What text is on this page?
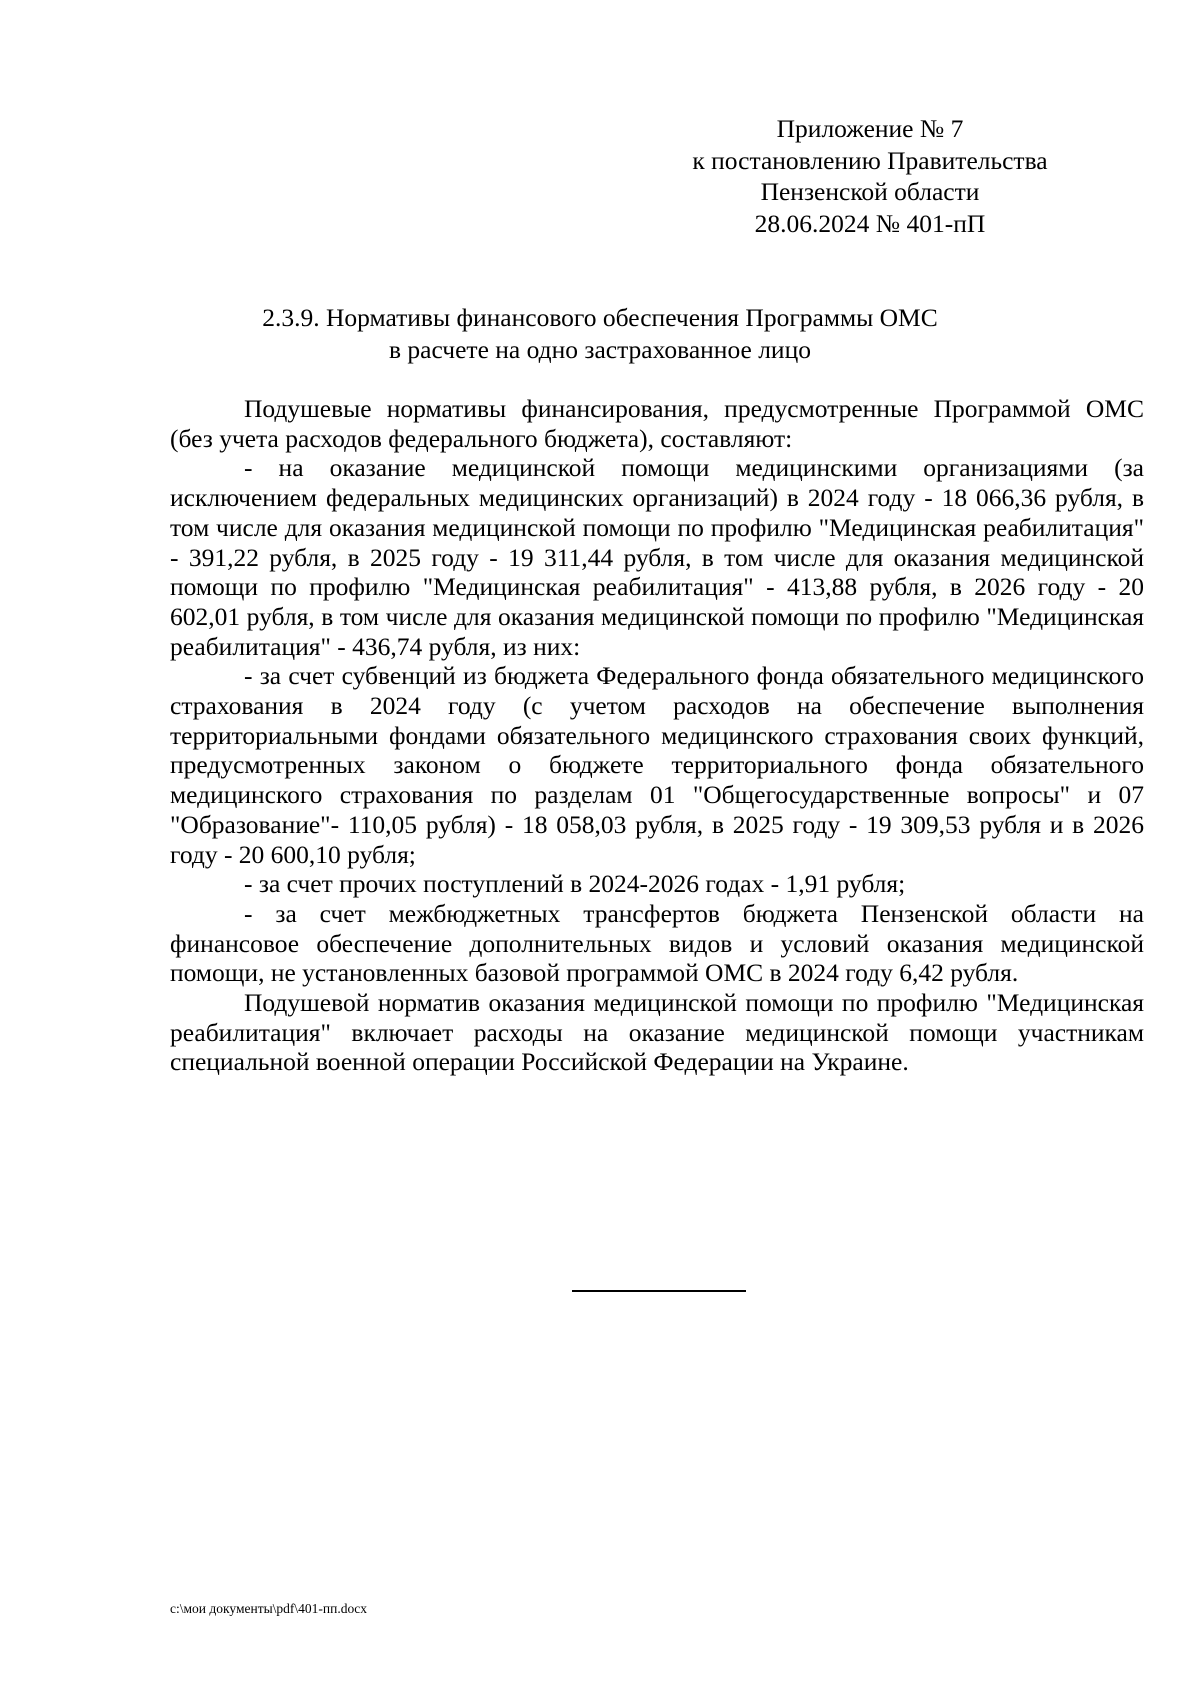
Приложение № 7
к постановлению Правительства
Пензенской области
28.06.2024 № 401-пП
2.3.9. Нормативы финансового обеспечения Программы ОМС
в расчете на одно застрахованное лицо

Подушевые нормативы финансирования, предусмотренные Программой ОМС (без учета расходов федерального бюджета), составляют:

- на оказание медицинской помощи медицинскими организациями (за исключением федеральных медицинских организаций) в 2024 году - 18 066,36 рубля, в том числе для оказания медицинской помощи по профилю "Медицинская реабилитация" - 391,22 рубля, в 2025 году - 19 311,44 рубля, в том числе для оказания медицинской помощи по профилю "Медицинская реабилитация" - 413,88 рубля, в 2026 году - 20 602,01 рубля, в том числе для оказания медицинской помощи по профилю "Медицинская реабилитация" - 436,74 рубля, из них:

- за счет субвенций из бюджета Федерального фонда обязательного медицинского страхования в 2024 году (с учетом расходов на обеспечение выполнения территориальными фондами обязательного медицинского страхования своих функций, предусмотренных законом о бюджете территориального фонда обязательного медицинского страхования по разделам 01 "Общегосударственные вопросы" и 07 "Образование"- 110,05 рубля) - 18 058,03 рубля, в 2025 году - 19 309,53 рубля и в 2026 году - 20 600,10 рубля;

- за счет прочих поступлений в 2024-2026 годах - 1,91 рубля;

- за счет межбюджетных трансфертов бюджета Пензенской области на финансовое обеспечение дополнительных видов и условий оказания медицинской помощи, не установленных базовой программой ОМС в 2024 году 6,42 рубля.

Подушевой норматив оказания медицинской помощи по профилю "Медицинская реабилитация" включает расходы на оказание медицинской помощи участникам специальной военной операции Российской Федерации на Украине.

c:\мои документы\pdf\401-пп.docx
